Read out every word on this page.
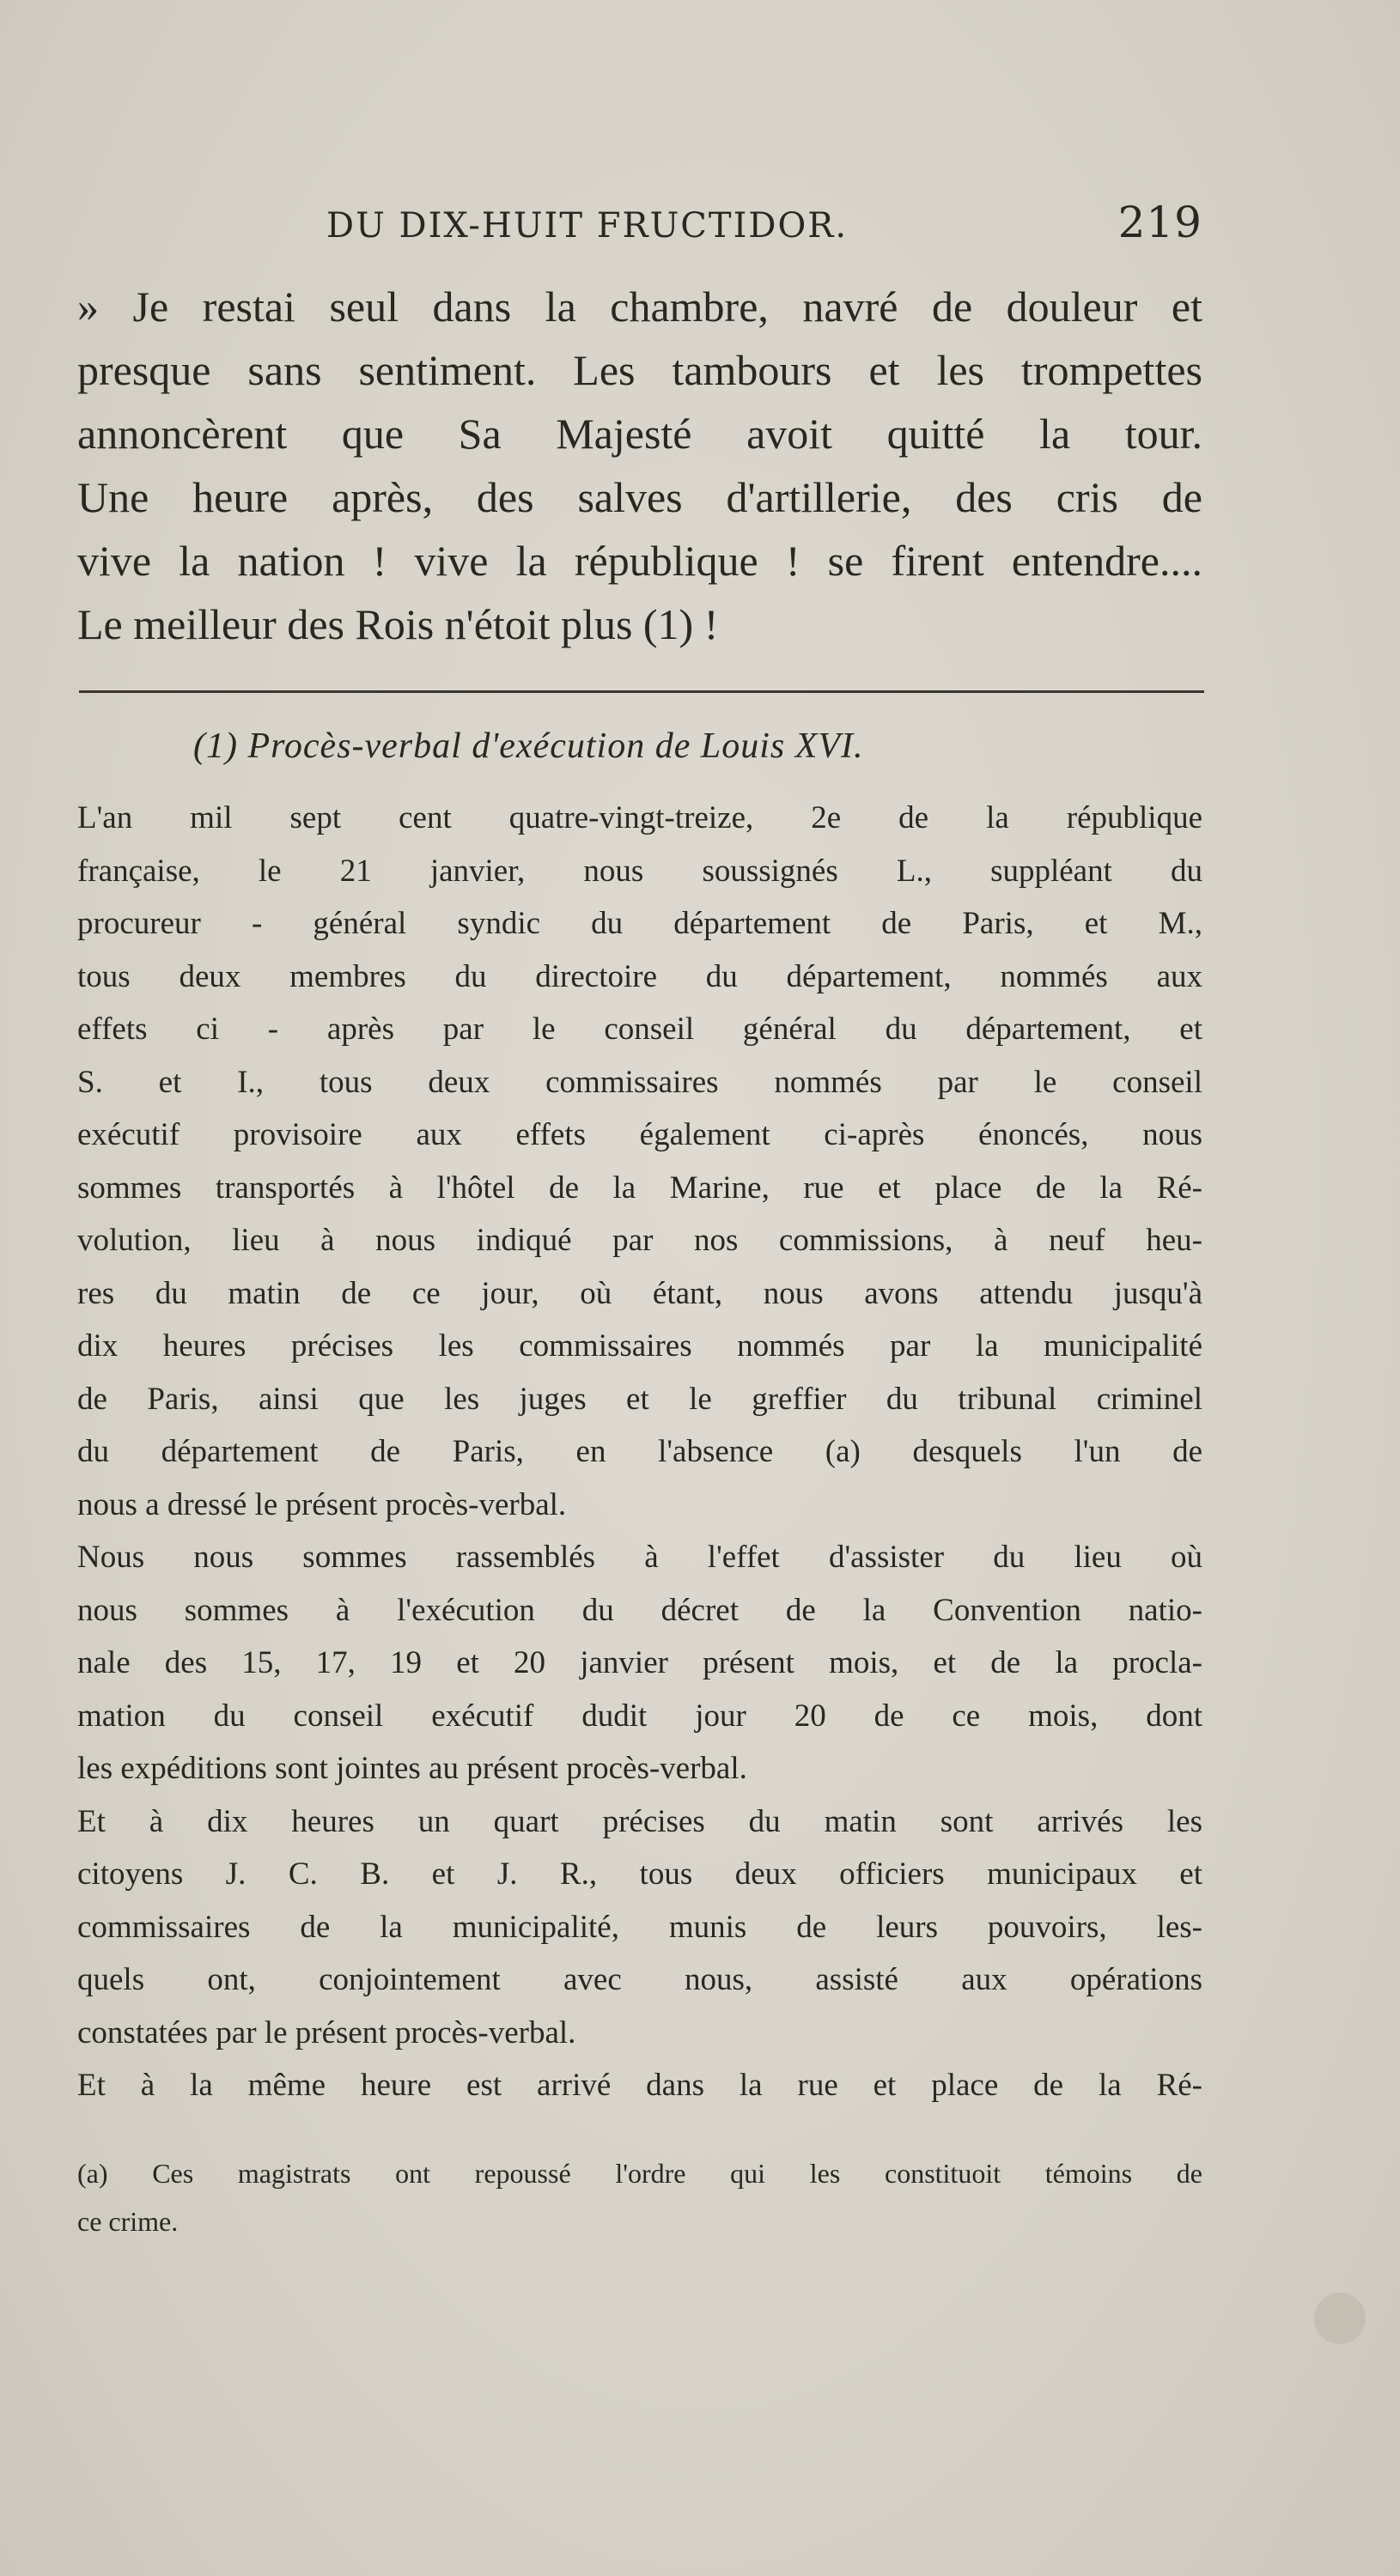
DU DIX-HUIT FRUCTIDOR.	219
» Je restai seul dans la chambre, navré de douleur et
presque sans sentiment. Les tambours et les trompettes
annoncèrent que Sa Majesté avoit quitté la tour.
Une heure après, des salves d'artillerie, des cris de
vive la nation ! vive la république ! se firent entendre....
Le meilleur des Rois n'étoit plus (1) !
(1) Procès-verbal d'exécution de Louis XVI.
L'an mil sept cent quatre-vingt-treize, 2e de la république
française, le 21 janvier, nous soussignés L., suppléant du
procureur - général syndic du département de Paris, et M.,
tous deux membres du directoire du département, nommés aux
effets ci - après par le conseil général du département, et
S. et I., tous deux commissaires nommés par le conseil
exécutif provisoire aux effets également ci-après énoncés, nous
sommes transportés à l'hôtel de la Marine, rue et place de la Ré-
volution, lieu à nous indiqué par nos commissions, à neuf heu-
res du matin de ce jour, où étant, nous avons attendu jusqu'à
dix heures précises les commissaires nommés par la municipalité
de Paris, ainsi que les juges et le greffier du tribunal criminel
du département de Paris, en l'absence (a) desquels l'un de
nous a dressé le présent procès-verbal.
Nous nous sommes rassemblés à l'effet d'assister du lieu où
nous sommes à l'exécution du décret de la Convention natio-
nale des 15, 17, 19 et 20 janvier présent mois, et de la procla-
mation du conseil exécutif dudit jour 20 de ce mois, dont
les expéditions sont jointes au présent procès-verbal.
Et à dix heures un quart précises du matin sont arrivés les
citoyens J. C. B. et J. R., tous deux officiers municipaux et
commissaires de la municipalité, munis de leurs pouvoirs, les-
quels ont, conjointement avec nous, assisté aux opérations
constatées par le présent procès-verbal.
Et à la même heure est arrivé dans la rue et place de la Ré-
(a) Ces magistrats ont repoussé l'ordre qui les constituoit témoins de
ce crime.
